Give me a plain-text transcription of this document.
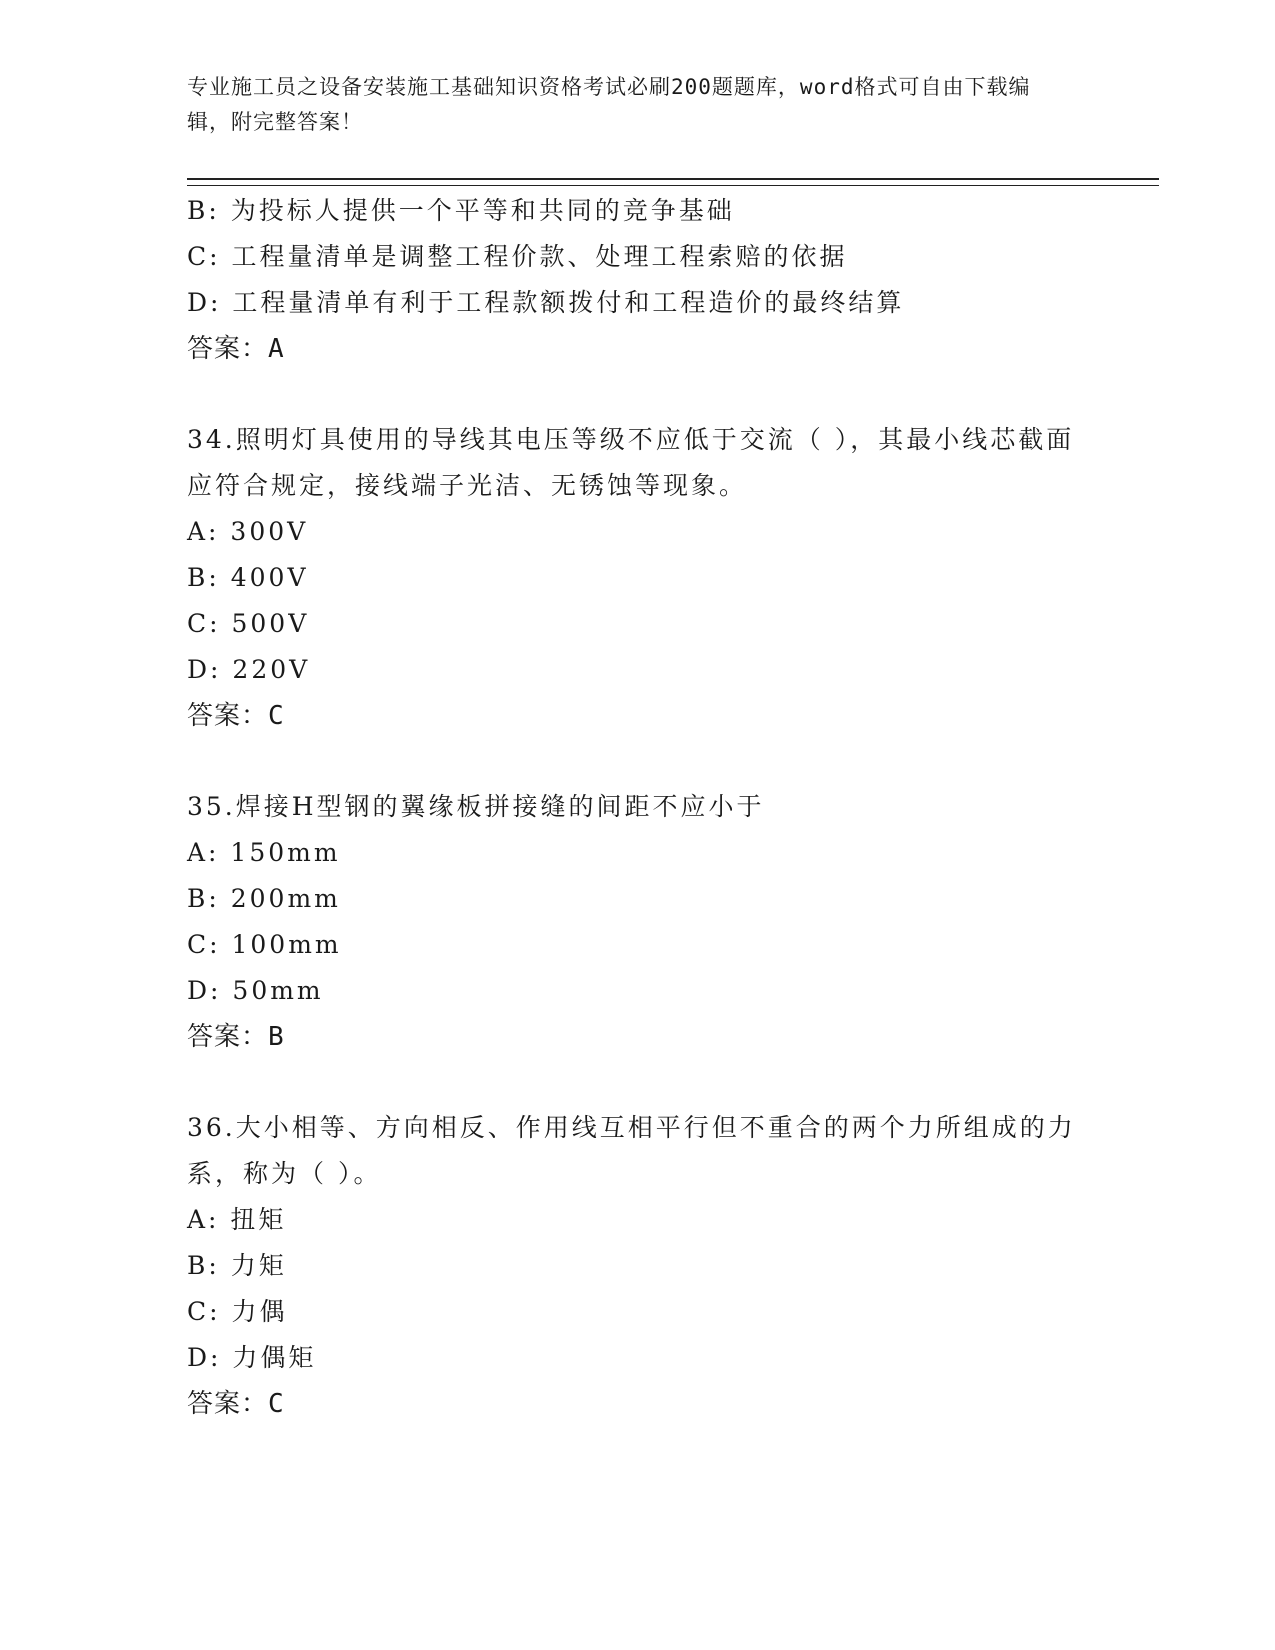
专业施工员之设备安装施工基础知识资格考试必刷200题题库，word格式可自由下载编辑，附完整答案！

B: 为投标人提供一个平等和共同的竞争基础
C: 工程量清单是调整工程价款、处理工程索赔的依据
D: 工程量清单有利于工程款额拨付和工程造价的最终结算
答案：A
34.照明灯具使用的导线其电压等级不应低于交流（ ），其最小线芯截面应符合规定，接线端子光洁、无锈蚀等现象。
A: 300V
B: 400V
C: 500V
D: 220V
答案：C
35.焊接H型钢的翼缘板拼接缝的间距不应小于
A: 150mm
B: 200mm
C: 100mm
D: 50mm
答案：B
36.大小相等、方向相反、作用线互相平行但不重合的两个力所组成的力系，称为（ ）。
A: 扭矩
B: 力矩
C: 力偶
D: 力偶矩
答案：C
